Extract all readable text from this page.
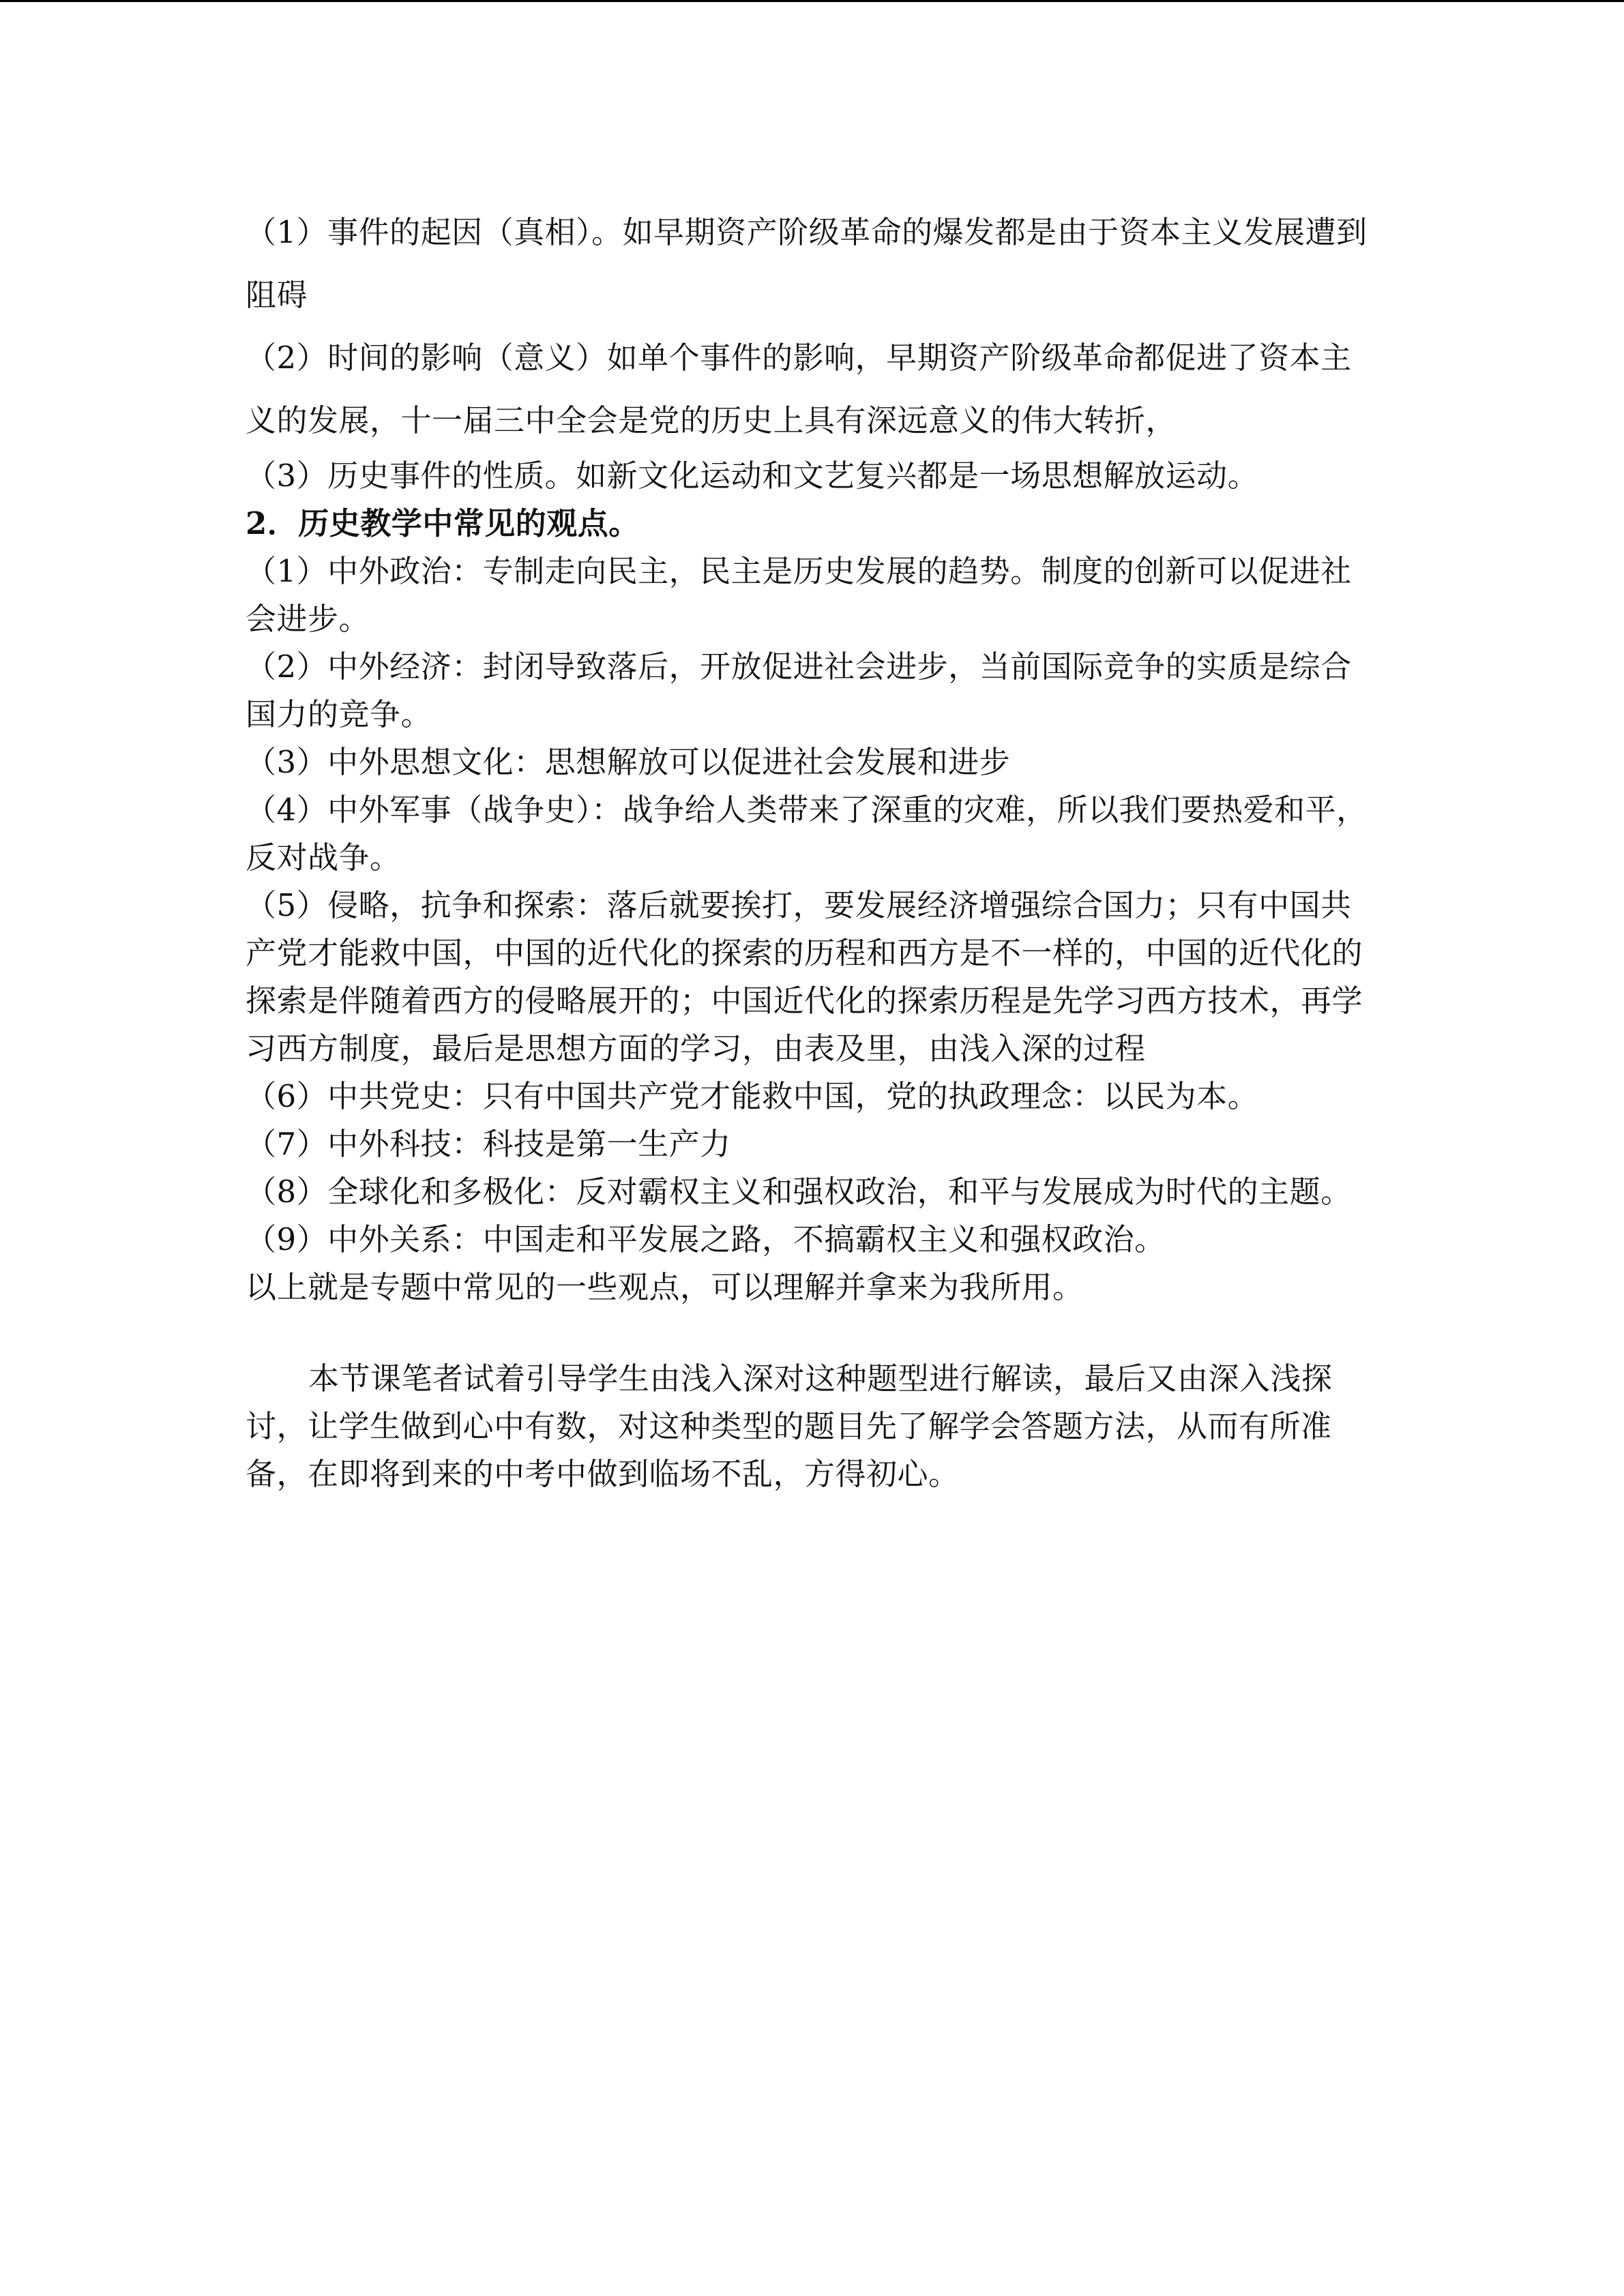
（1）事件的起因（真相）。如早期资产阶级革命的爆发都是由于资本主义发展遭到阻碍

（2）时间的影响（意义）如单个事件的影响，早期资产阶级革命都促进了资本主义的发展，十一届三中全会是党的历史上具有深远意义的伟大转折，

（3）历史事件的性质。如新文化运动和文艺复兴都是一场思想解放运动。

2．历史教学中常见的观点。

（1）中外政治：专制走向民主，民主是历史发展的趋势。制度的创新可以促进社会进步。

（2）中外经济：封闭导致落后，开放促进社会进步，当前国际竞争的实质是综合国力的竞争。

（3）中外思想文化：思想解放可以促进社会发展和进步

（4）中外军事（战争史）：战争给人类带来了深重的灾难，所以我们要热爱和平，反对战争。

（5）侵略，抗争和探索：落后就要挨打，要发展经济增强综合国力；只有中国共产党才能救中国，中国的近代化的探索的历程和西方是不一样的，中国的近代化的探索是伴随着西方的侵略展开的；中国近代化的探索历程是先学习西方技术，再学习西方制度，最后是思想方面的学习，由表及里，由浅入深的过程

（6）中共党史：只有中国共产党才能救中国，党的执政理念：以民为本。

（7）中外科技：科技是第一生产力

（8）全球化和多极化：反对霸权主义和强权政治，和平与发展成为时代的主题。

（9）中外关系：中国走和平发展之路，不搞霸权主义和强权政治。

以上就是专题中常见的一些观点，可以理解并拿来为我所用。

本节课笔者试着引导学生由浅入深对这种题型进行解读，最后又由深入浅探讨，让学生做到心中有数，对这种类型的题目先了解学会答题方法，从而有所准备，在即将到来的中考中做到临场不乱，方得初心。
